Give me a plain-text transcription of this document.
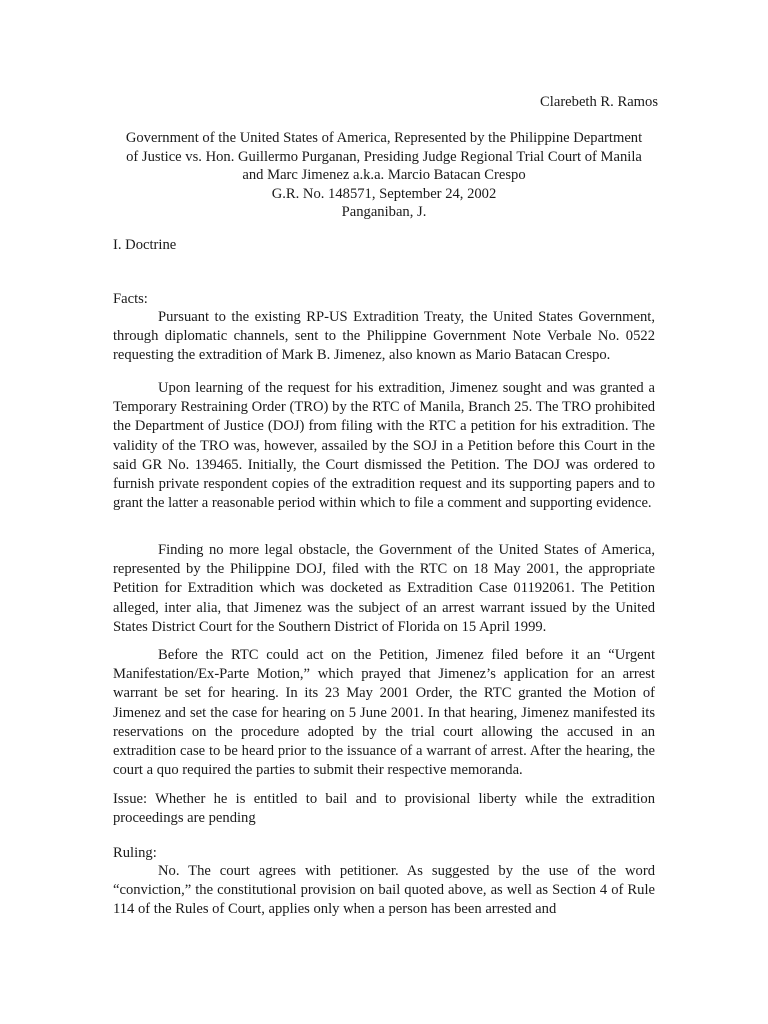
Clarebeth R. Ramos

Government of the United States of America, Represented by the Philippine Department
of Justice vs. Hon. Guillermo Purganan, Presiding Judge Regional Trial Court of Manila
and Marc Jimenez a.k.a. Marcio Batacan Crespo
G.R. No. 148571, September 24, 2002
Panganiban, J.

I. Doctrine

Facts:

Pursuant to the existing RP-US Extradition Treaty, the United States Government, through diplomatic channels, sent to the Philippine Government Note Verbale No. 0522 requesting the extradition of Mark B. Jimenez, also known as Mario Batacan Crespo.

Upon learning of the request for his extradition, Jimenez sought and was granted a Temporary Restraining Order (TRO) by the RTC of Manila, Branch 25. The TRO prohibited the Department of Justice (DOJ) from filing with the RTC a petition for his extradition. The validity of the TRO was, however, assailed by the SOJ in a Petition before this Court in the said GR No. 139465. Initially, the Court dismissed the Petition. The DOJ was ordered to furnish private respondent copies of the extradition request and its supporting papers and to grant the latter a reasonable period within which to file a comment and supporting evidence.

Finding no more legal obstacle, the Government of the United States of America, represented by the Philippine DOJ, filed with the RTC on 18 May 2001, the appropriate Petition for Extradition which was docketed as Extradition Case 01192061. The Petition alleged, inter alia, that Jimenez was the subject of an arrest warrant issued by the United States District Court for the Southern District of Florida on 15 April 1999.

Before the RTC could act on the Petition, Jimenez filed before it an “Urgent Manifestation/Ex-Parte Motion,” which prayed that Jimenez’s application for an arrest warrant be set for hearing. In its 23 May 2001 Order, the RTC granted the Motion of Jimenez and set the case for hearing on 5 June 2001. In that hearing, Jimenez manifested its reservations on the procedure adopted by the trial court allowing the accused in an extradition case to be heard prior to the issuance of a warrant of arrest. After the hearing, the court a quo required the parties to submit their respective memoranda.

Issue: Whether he is entitled to bail and to provisional liberty while the extradition proceedings are pending

Ruling:

No. The court agrees with petitioner. As suggested by the use of the word “conviction,” the constitutional provision on bail quoted above, as well as Section 4 of Rule 114 of the Rules of Court, applies only when a person has been arrested and
